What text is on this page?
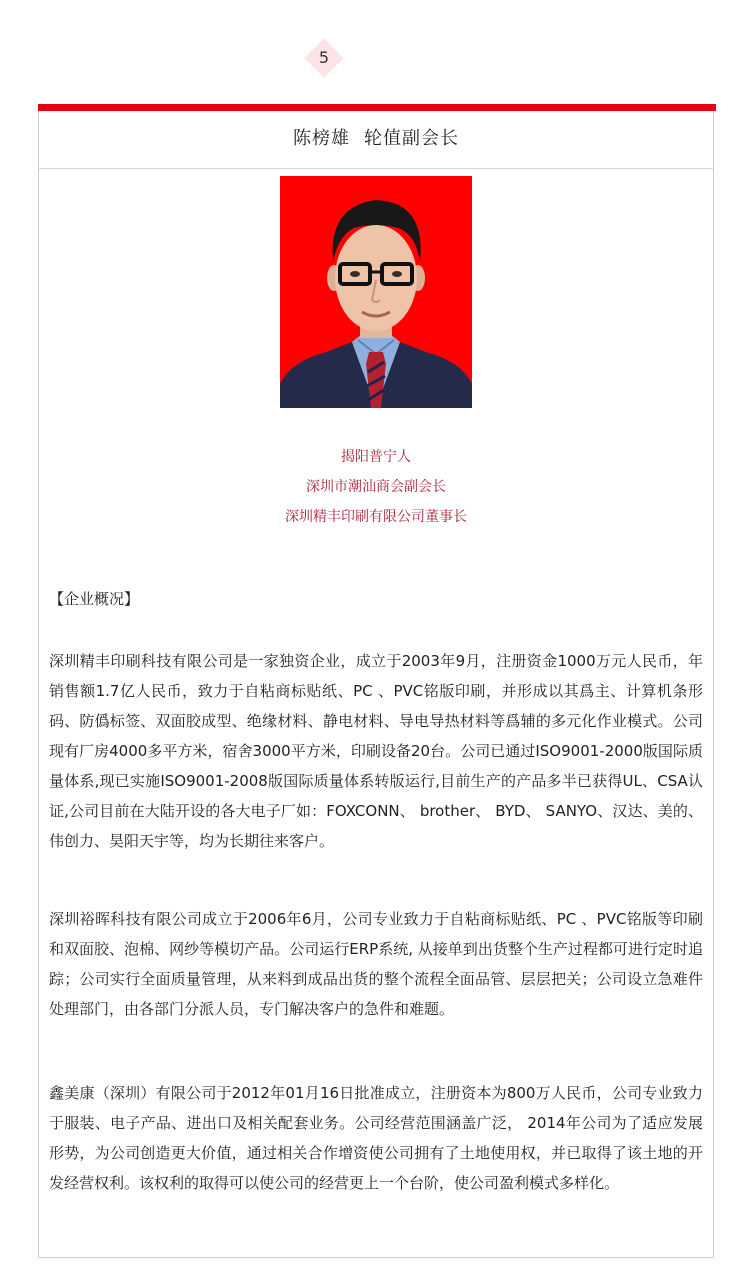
5
陈榜雄 轮值副会长
揭阳普宁人
深圳市潮汕商会副会长
深圳精丰印刷有限公司董事长
【企业概况】

深圳精丰印刷科技有限公司是一家独资企业，成立于2003年9月，注册资金1000万元人民币，年销售额1.7亿人民币，致力于自粘商标贴纸、PC 、PVC铭版印刷，并形成以其爲主、计算机条形码、防僞标签、双面胶成型、绝缘材料、静电材料、导电导热材料等爲辅的多元化作业模式。公司现有厂房4000多平方米，宿舍3000平方米，印刷设备20台。公司已通过ISO9001-2000版国际质量体系,现已实施ISO9001-2008版国际质量体系转版运行,目前生产的产品多半已获得UL、CSA认证,公司目前在大陆开设的各大电子厂如：FOXCONN、 brother、 BYD、 SANYO、汉达、美的、伟创力、昊阳天宇等，均为长期往来客户。

深圳裕晖科技有限公司成立于2006年6月，公司专业致力于自粘商标贴纸、PC 、PVC铭版等印刷和双面胶、泡棉、网纱等模切产品。公司运行ERP系统, 从接单到出货整个生产过程都可进行定时追踪；公司实行全面质量管理，从来料到成品出货的整个流程全面品管、层层把关；公司设立急难件处理部门，由各部门分派人员，专门解决客户的急件和难题。

鑫美康（深圳）有限公司于2012年01月16日批准成立，注册资本为800万人民币，公司专业致力于服装、电子产品、进出口及相关配套业务。公司经营范围涵盖广泛， 2014年公司为了适应发展形势，为公司创造更大价值，通过相关合作增资使公司拥有了土地使用权，并已取得了该土地的开发经营权利。该权利的取得可以使公司的经营更上一个台阶，使公司盈利模式多样化。
